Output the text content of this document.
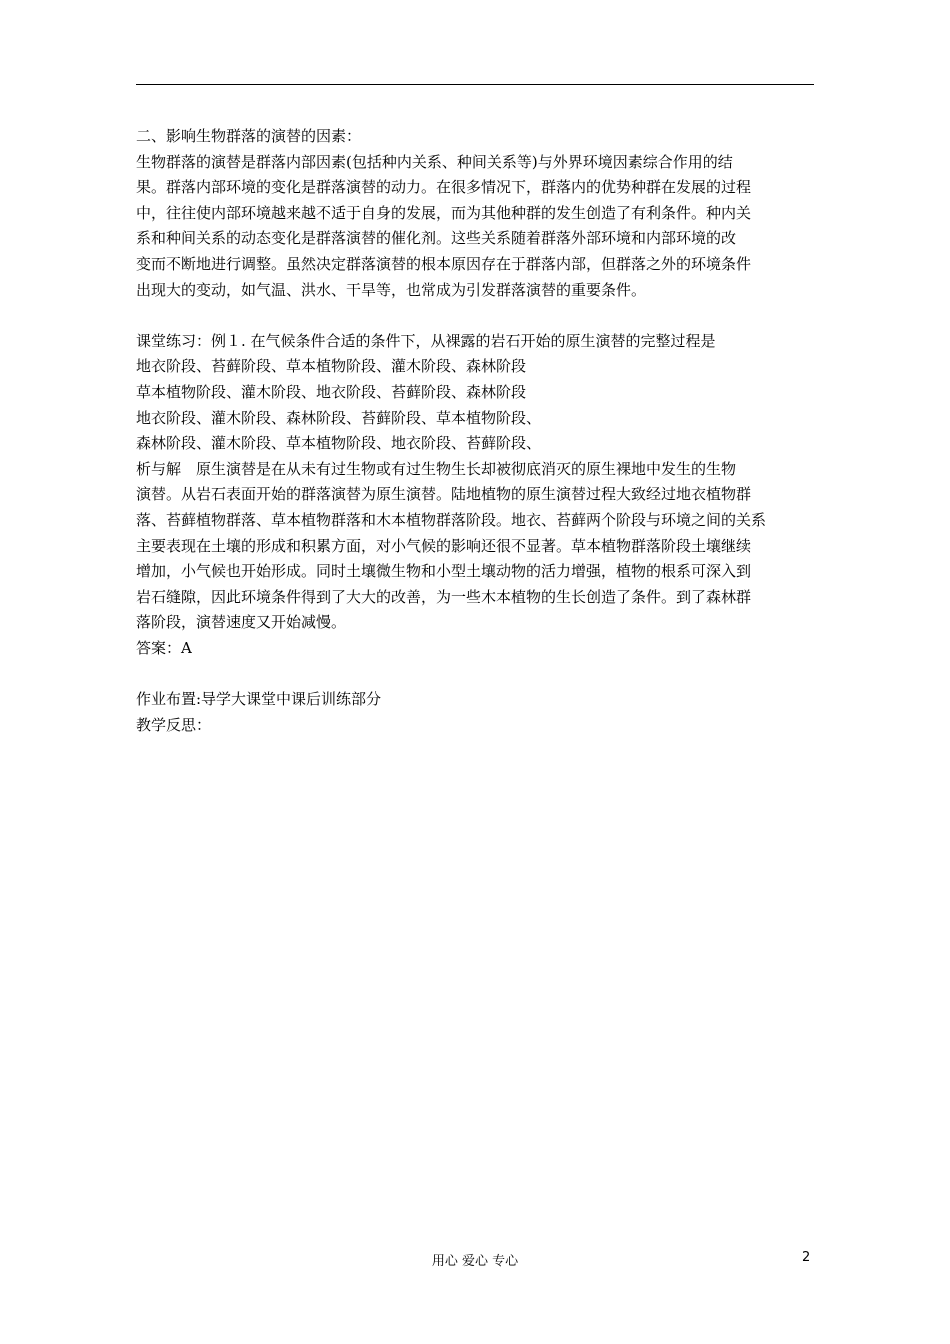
二、影响生物群落的演替的因素：
生物群落的演替是群落内部因素(包括种内关系、种间关系等)与外界环境因素综合作用的结
果。群落内部环境的变化是群落演替的动力。在很多情况下，群落内的优势种群在发展的过程
中，往往使内部环境越来越不适于自身的发展，而为其他种群的发生创造了有利条件。种内关
系和种间关系的动态变化是群落演替的催化剂。这些关系随着群落外部环境和内部环境的改
变而不断地进行调整。虽然决定群落演替的根本原因存在于群落内部，但群落之外的环境条件
出现大的变动，如气温、洪水、干旱等，也常成为引发群落演替的重要条件。
课堂练习：例１. 在气候条件合适的条件下，从裸露的岩石开始的原生演替的完整过程是
地衣阶段、苔藓阶段、草本植物阶段、灌木阶段、森林阶段
草本植物阶段、灌木阶段、地衣阶段、苔藓阶段、森林阶段
地衣阶段、灌木阶段、森林阶段、苔藓阶段、草本植物阶段、
森林阶段、灌木阶段、草本植物阶段、地衣阶段、苔藓阶段、
析与解　原生演替是在从未有过生物或有过生物生长却被彻底消灭的原生裸地中发生的生物
演替。从岩石表面开始的群落演替为原生演替。陆地植物的原生演替过程大致经过地衣植物群
落、苔藓植物群落、草本植物群落和木本植物群落阶段。地衣、苔藓两个阶段与环境之间的关系
主要表现在土壤的形成和积累方面，对小气候的影响还很不显著。草本植物群落阶段土壤继续
增加，小气候也开始形成。同时土壤微生物和小型土壤动物的活力增强，植物的根系可深入到
岩石缝隙，因此环境条件得到了大大的改善，为一些木本植物的生长创造了条件。到了森林群
落阶段，演替速度又开始减慢。
答案：A
作业布置:导学大课堂中课后训练部分
教学反思：
用心 爱心 专心	2
